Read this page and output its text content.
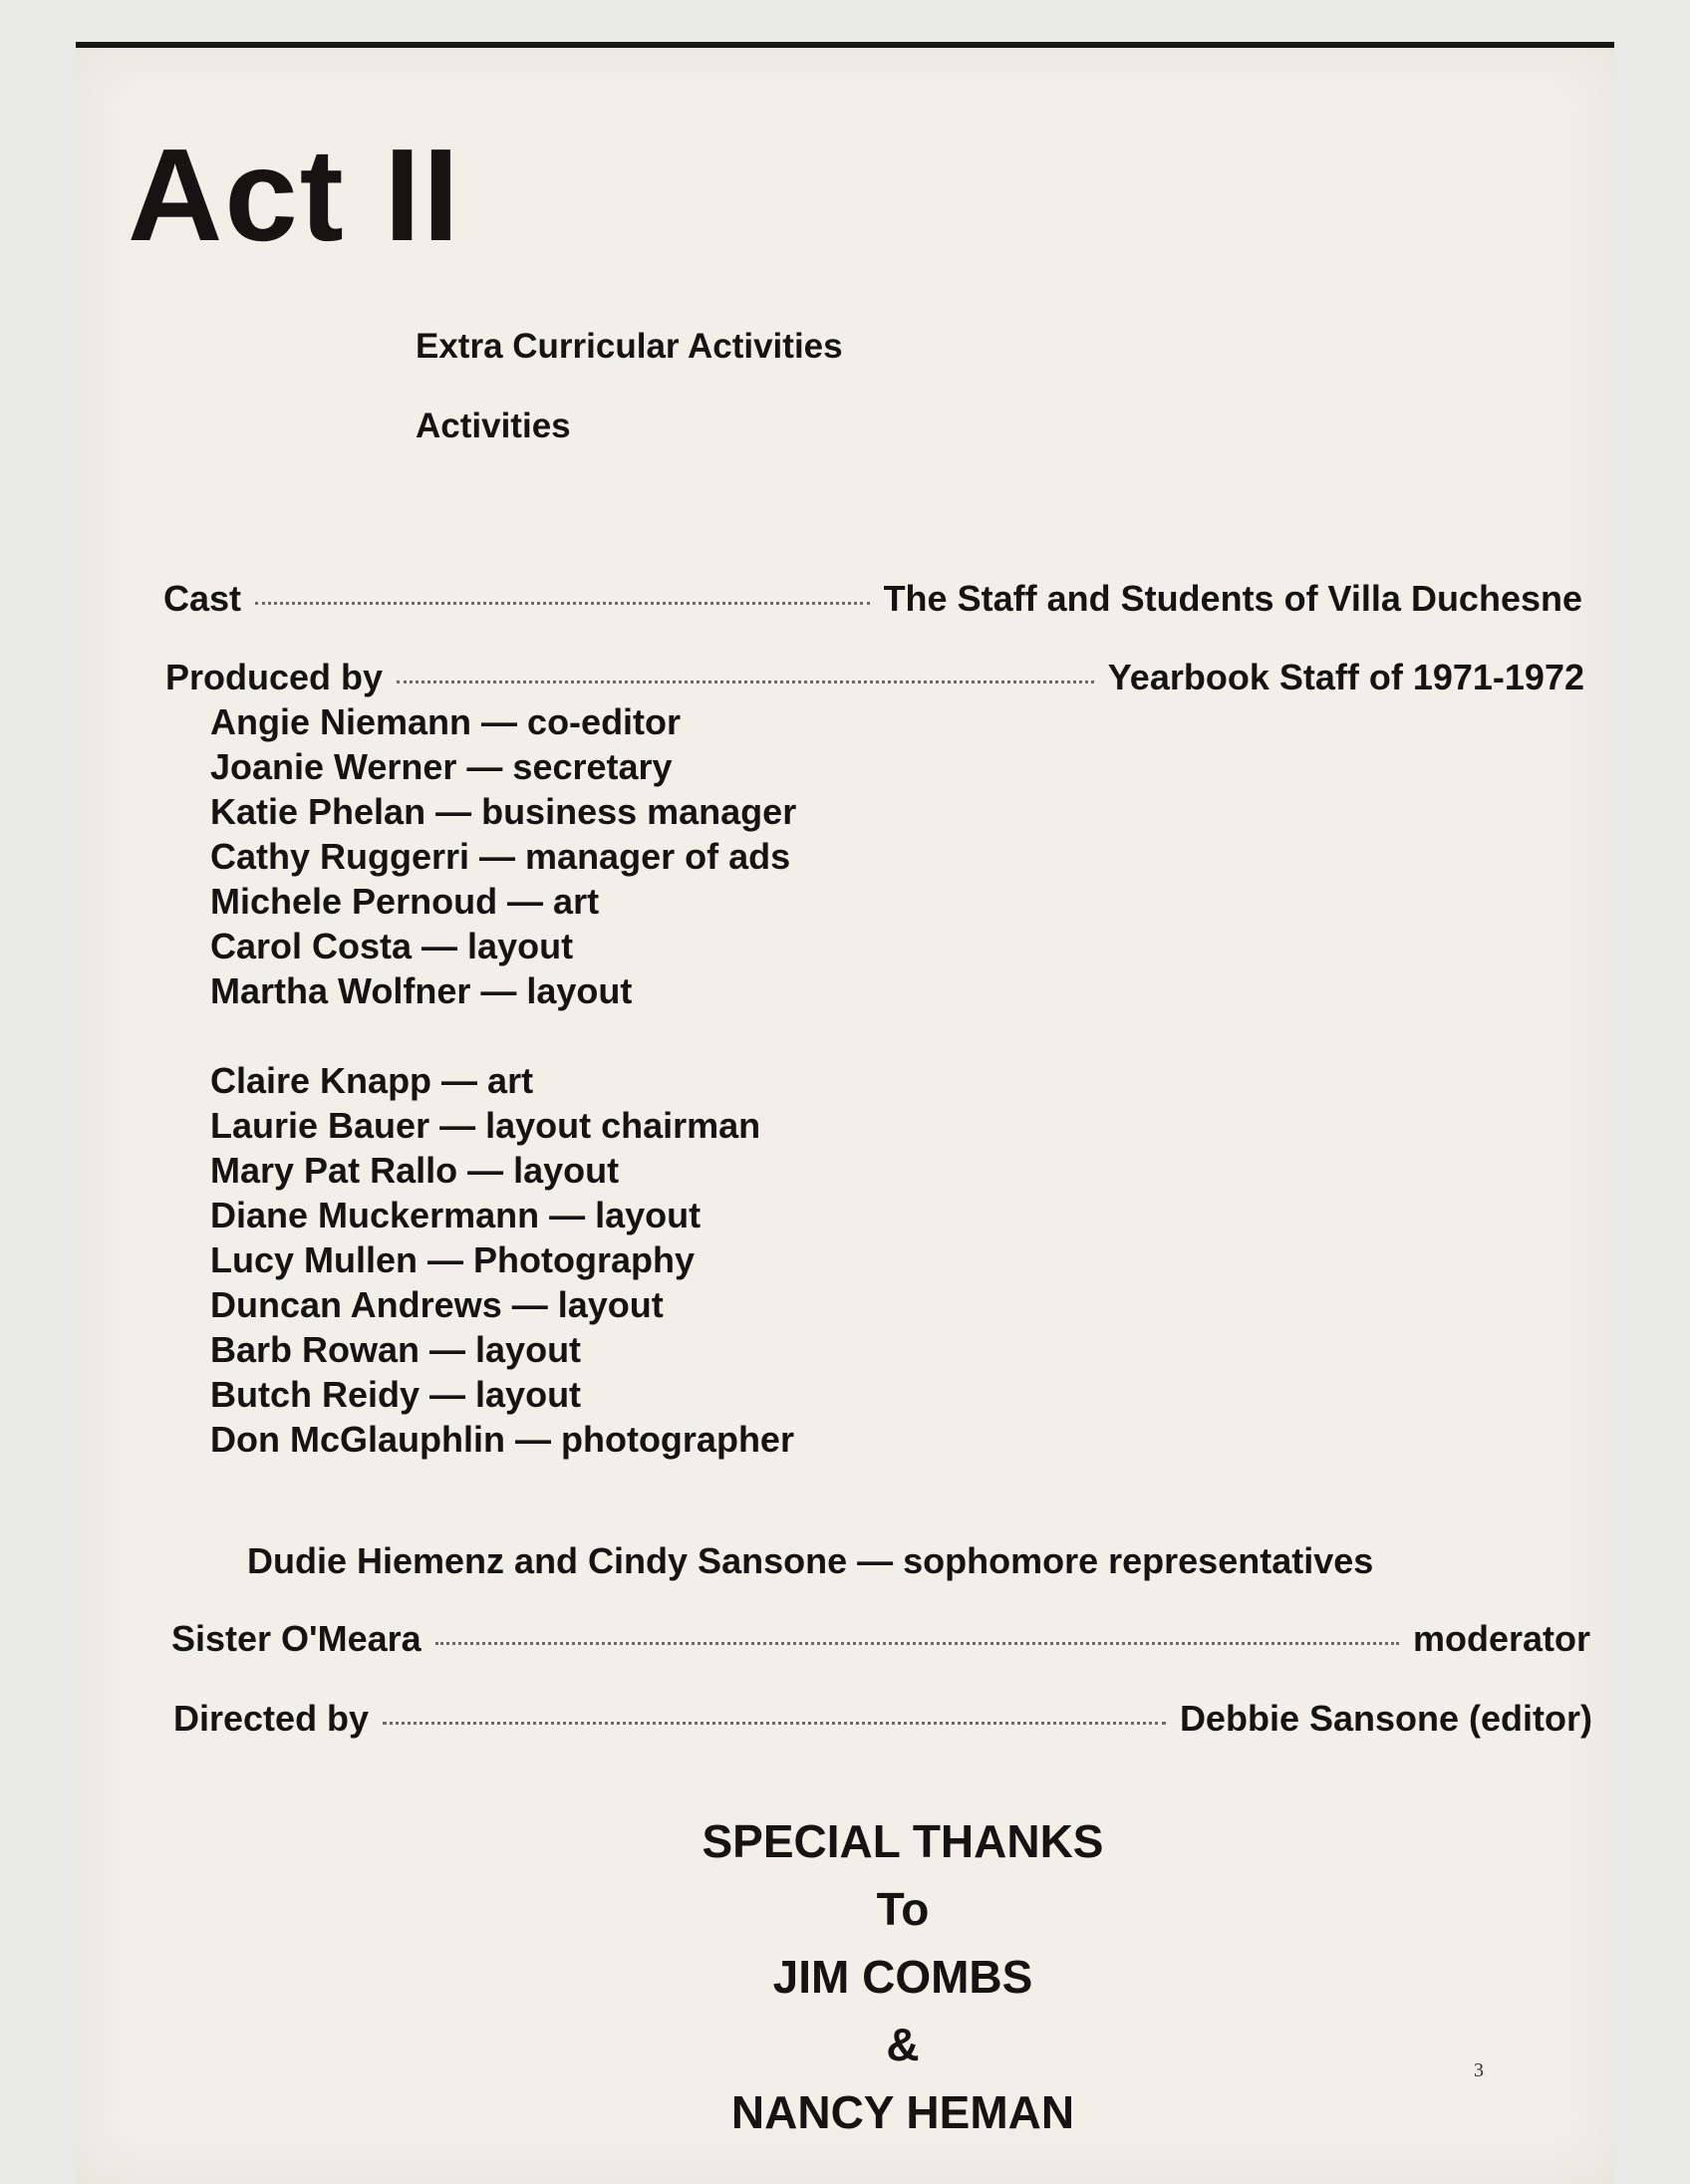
Act II
Extra Curricular Activities
Activities
Cast	The Staff and Students of Villa Duchesne
Produced by	Yearbook Staff of 1971-1972
Angie Niemann — co-editor
Joanie Werner — secretary
Katie Phelan — business manager
Cathy Ruggerri — manager of ads
Michele Pernoud — art
Carol Costa — layout
Martha Wolfner — layout
Claire Knapp — art
Laurie Bauer — layout chairman
Mary Pat Rallo — layout
Diane Muckermann — layout
Lucy Mullen — Photography
Duncan Andrews — layout
Barb Rowan — layout
Butch Reidy — layout
Don McGlauphlin — photographer
Dudie Hiemenz and Cindy Sansone — sophomore representatives
Sister O'Meara	moderator
Directed by	Debbie Sansone (editor)
SPECIAL THANKS
To
JIM COMBS
&
NANCY HEMAN
3
